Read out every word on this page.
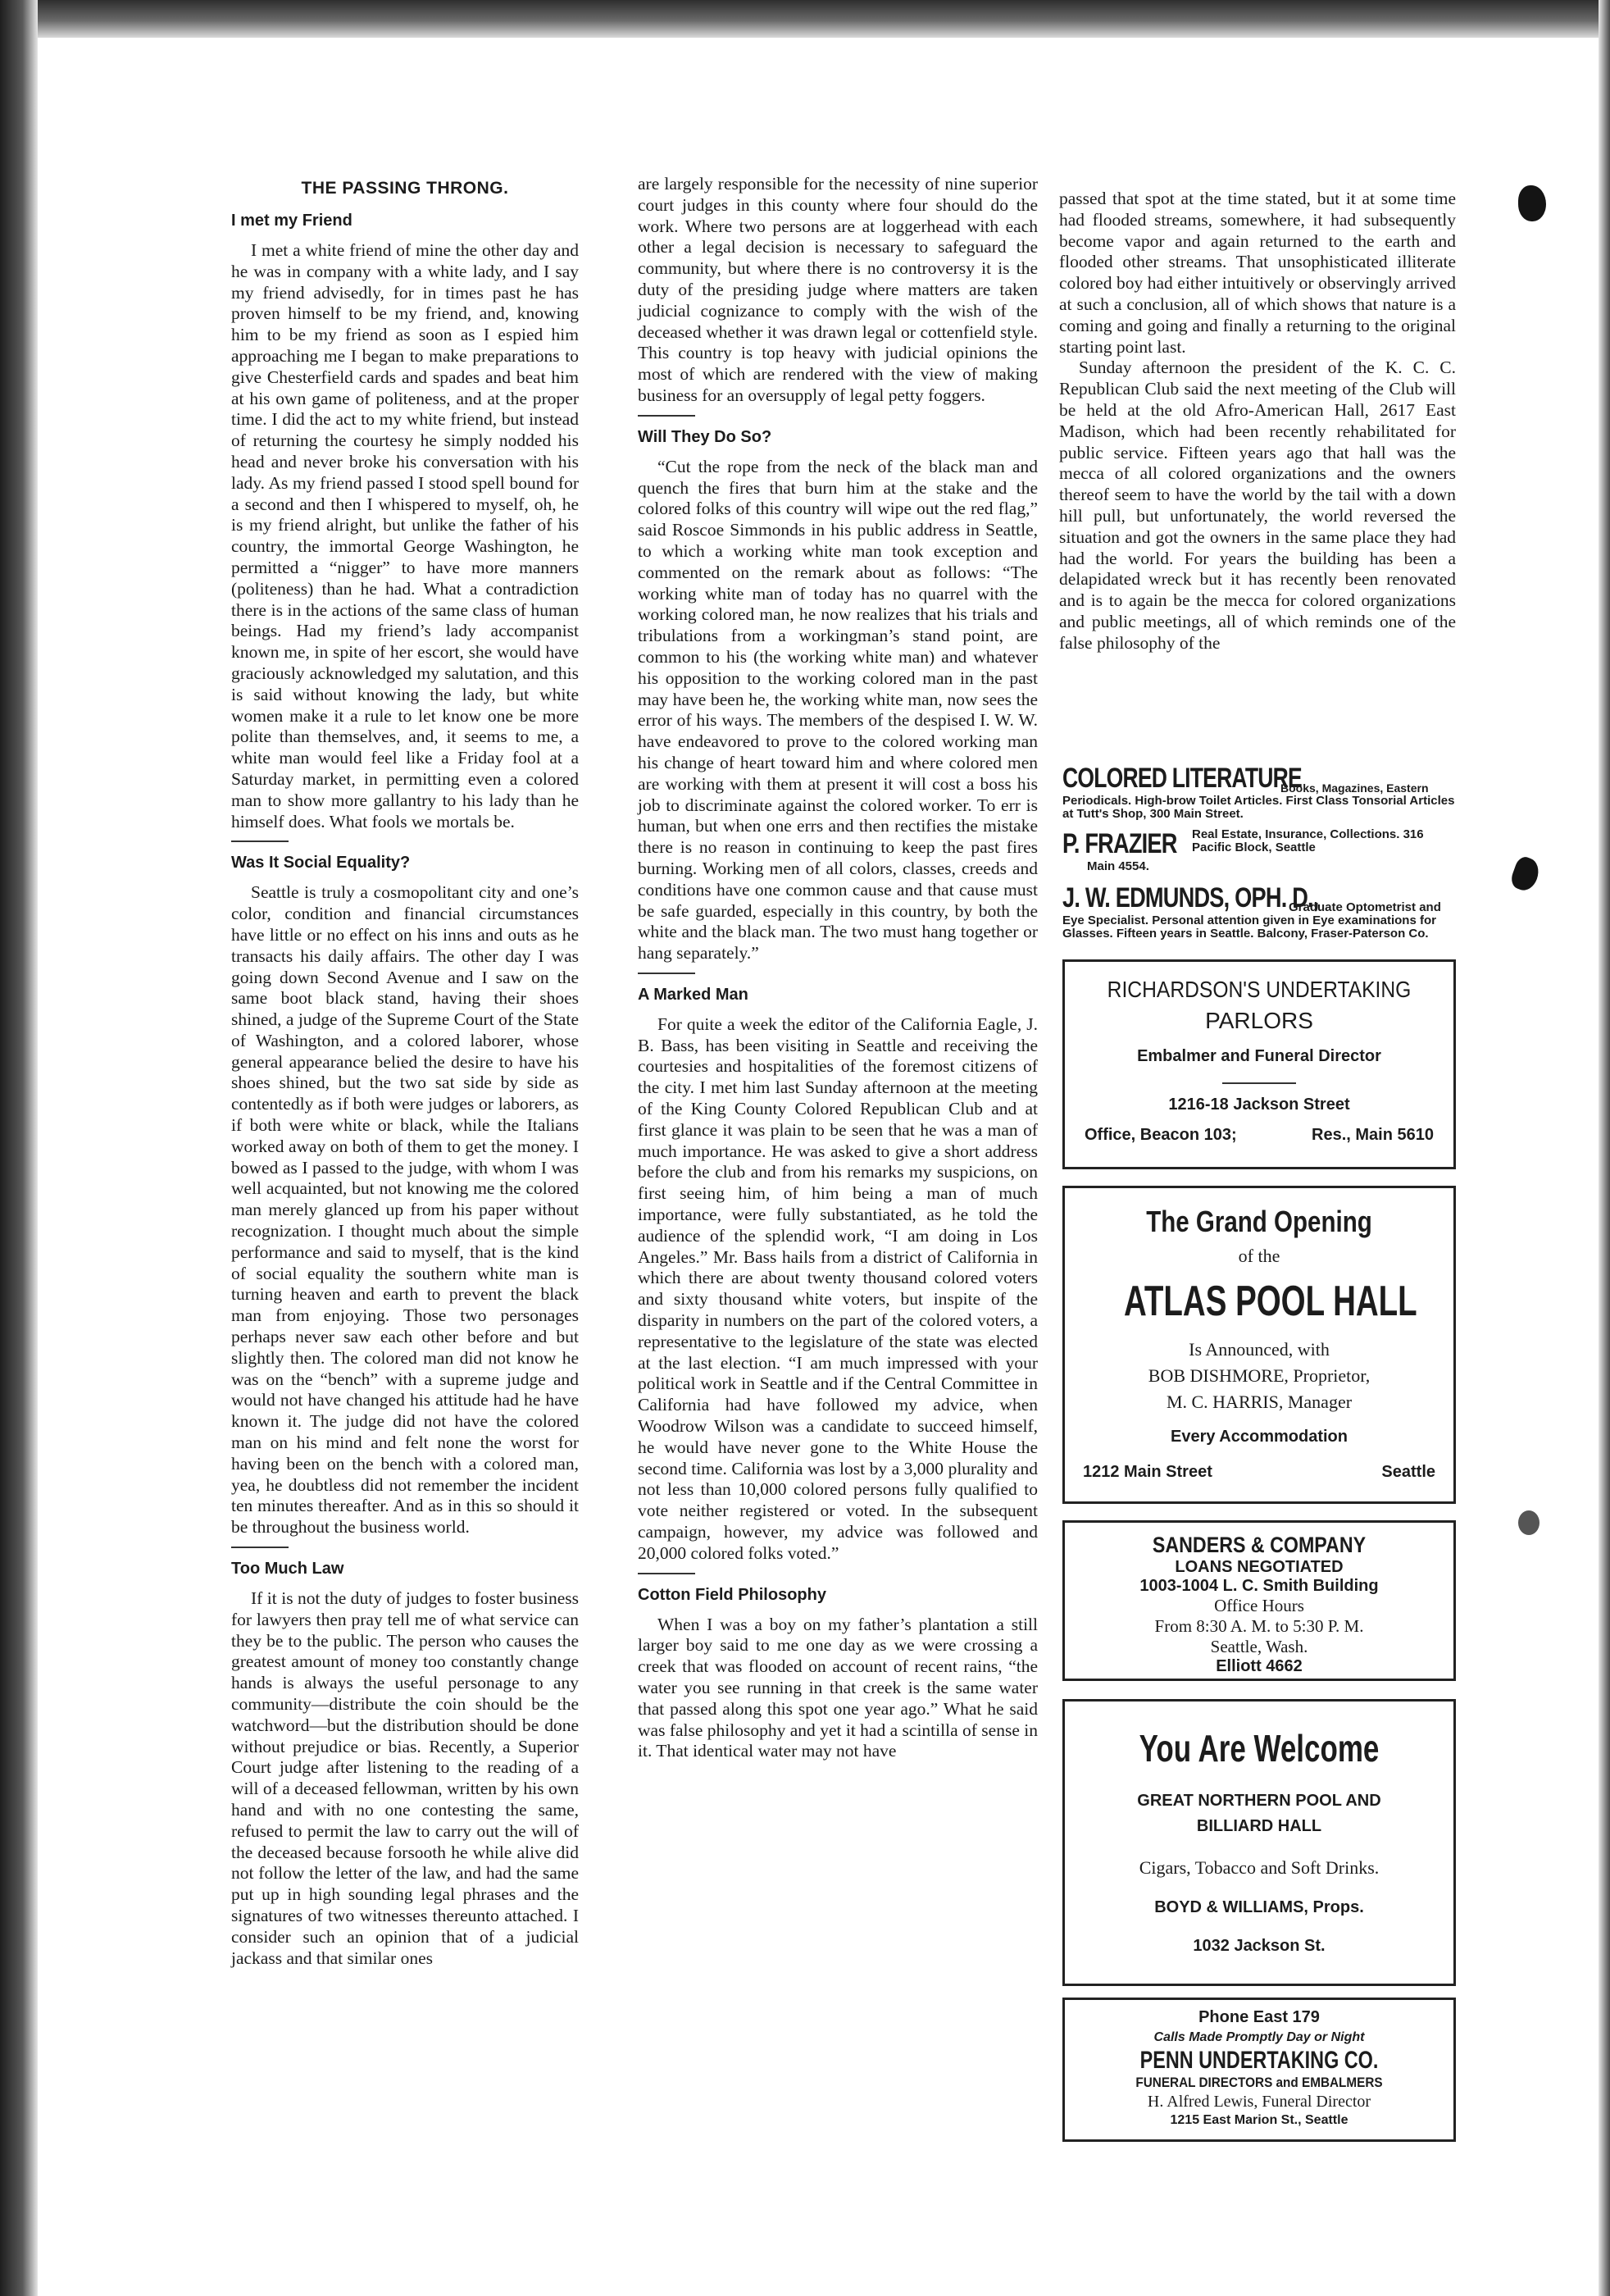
THE PASSING THRONG.
I met my Friend

I met a white friend of mine the other day and he was in company with a white lady, and I say my friend advisedly, for in times past he has proven himself to be my friend, and, knowing him to be my friend as soon as I espied him approaching me I began to make preparations to give Chesterfield cards and spades and beat him at his own game of politeness, and at the proper time. I did the act to my white friend, but instead of returning the courtesy he simply nodded his head and never broke his conversation with his lady. As my friend passed I stood spell bound for a second and then I whispered to myself, oh, he is my friend alright, but unlike the father of his country, the immortal George Washington, he permitted a “nigger” to have more manners (politeness) than he had. What a contradiction there is in the actions of the same class of human beings. Had my friend’s lady accompanist known me, in spite of her escort, she would have graciously acknowledged my salutation, and this is said without knowing the lady, but white women make it a rule to let know one be more polite than themselves, and, it seems to me, a white man would feel like a Friday fool at a Saturday market, in permitting even a colored man to show more gallantry to his lady than he himself does. What fools we mortals be.

Was It Social Equality?

Seattle is truly a cosmopolitant city and one’s color, condition and financial circumstances have little or no effect on his inns and outs as he transacts his daily affairs. The other day I was going down Second Avenue and I saw on the same boot black stand, having their shoes shined, a judge of the Supreme Court of the State of Washington, and a colored laborer, whose general appearance belied the desire to have his shoes shined, but the two sat side by side as contentedly as if both were judges or laborers, as if both were white or black, while the Italians worked away on both of them to get the money. I bowed as I passed to the judge, with whom I was well acquainted, but not knowing me the colored man merely glanced up from his paper without recognization. I thought much about the simple performance and said to myself, that is the kind of social equality the southern white man is turning heaven and earth to prevent the black man from enjoying. Those two personages perhaps never saw each other before and but slightly then. The colored man did not know he was on the “bench” with a supreme judge and would not have changed his attitude had he have known it. The judge did not have the colored man on his mind and felt none the worst for having been on the bench with a colored man, yea, he doubtless did not remember the incident ten minutes thereafter. And as in this so should it be throughout the business world.

Too Much Law

If it is not the duty of judges to foster business for lawyers then pray tell me of what service can they be to the public. The person who causes the greatest amount of money too constantly change hands is always the useful personage to any community—distribute the coin should be the watchword—but the distribution should be done without prejudice or bias. Recently, a Superior Court judge after listening to the reading of a will of a deceased fellowman, written by his own hand and with no one contesting the same, refused to permit the law to carry out the will of the deceased because forsooth he while alive did not follow the letter of the law, and had the same put up in high sounding legal phrases and the signatures of two witnesses thereunto attached. I consider such an opinion that of a judicial jackass and that similar ones

are largely responsible for the necessity of nine superior court judges in this county where four should do the work. Where two persons are at loggerhead with each other a legal decision is necessary to safeguard the community, but where there is no controversy it is the duty of the presiding judge where matters are taken judicial cognizance to comply with the wish of the deceased whether it was drawn legal or cottenfield style. This country is top heavy with judicial opinions the most of which are rendered with the view of making business for an oversupply of legal petty foggers.

Will They Do So?

“Cut the rope from the neck of the black man and quench the fires that burn him at the stake and the colored folks of this country will wipe out the red flag,” said Roscoe Simmonds in his public address in Seattle, to which a working white man took exception and commented on the remark about as follows: “The working white man of today has no quarrel with the working colored man, he now realizes that his trials and tribulations from a workingman’s stand point, are common to his (the working white man) and whatever his opposition to the working colored man in the past may have been he, the working white man, now sees the error of his ways. The members of the despised I. W. W. have endeavored to prove to the colored working man his change of heart toward him and where colored men are working with them at present it will cost a boss his job to discriminate against the colored worker. To err is human, but when one errs and then rectifies the mistake there is no reason in continuing to keep the past fires burning. Working men of all colors, classes, creeds and conditions have one common cause and that cause must be safe guarded, especially in this country, by both the white and the black man. The two must hang together or hang separately.”

A Marked Man

For quite a week the editor of the California Eagle, J. B. Bass, has been visiting in Seattle and receiving the courtesies and hospitalities of the foremost citizens of the city. I met him last Sunday afternoon at the meeting of the King County Colored Republican Club and at first glance it was plain to be seen that he was a man of much importance. He was asked to give a short address before the club and from his remarks my suspicions, on first seeing him, of him being a man of much importance, were fully substantiated, as he told the audience of the splendid work, “I am doing in Los Angeles.” Mr. Bass hails from a district of California in which there are about twenty thousand colored voters and sixty thousand white voters, but inspite of the disparity in numbers on the part of the colored voters, a representative to the legislature of the state was elected at the last election. “I am much impressed with your political work in Seattle and if the Central Committee in California had have followed my advice, when Woodrow Wilson was a candidate to succeed himself, he would have never gone to the White House the second time. California was lost by a 3,000 plurality and not less than 10,000 colored persons fully qualified to vote neither registered or voted. In the subsequent campaign, however, my advice was followed and 20,000 colored folks voted.”

Cotton Field Philosophy

When I was a boy on my father’s plantation a still larger boy said to me one day as we were crossing a creek that was flooded on account of recent rains, “the water you see running in that creek is the same water that passed along this spot one year ago.” What he said was false philosophy and yet it had a scintilla of sense in it. That identical water may not have

passed that spot at the time stated, but it at some time had flooded streams, somewhere, it had subsequently become vapor and again returned to the earth and flooded other streams. That unsophisticated illiterate colored boy had either intuitively or observingly arrived at such a conclusion, all of which shows that nature is a coming and going and finally a returning to the original starting point last.

Sunday afternoon the president of the K. C. C. Republican Club said the next meeting of the Club will be held at the old Afro-American Hall, 2617 East Madison, which had been recently rehabilitated for public service. Fifteen years ago that hall was the mecca of all colored organizations and the owners thereof seem to have the world by the tail with a down hill pull, but unfortunately, the world reversed the situation and got the owners in the same place they had had the world. For years the building has been a delapidated wreck but it has recently been renovated and is to again be the mecca for colored organizations and public meetings, all of which reminds one of the false philosophy of the

COLORED LITERATURE
Books, Magazines, Eastern
Periodicals. High-brow Toilet Articles. First Class Tonsorial Articles at Tutt's Shop, 300 Main Street.
P. FRAZIER Real Estate, Insurance, Collections. 316 Pacific Block, Seattle
Main 4554.
J. W. EDMUNDS, OPH. D.,
Graduate Optometrist and
Eye Specialist. Personal attention given in Eye examinations for Glasses. Fifteen years in Seattle. Balcony, Fraser-Paterson Co.
RICHARDSON'S UNDERTAKING
PARLORS
Embalmer and Funeral Director
1216-18 Jackson Street
Office, Beacon 103;	Res., Main 5610
The Grand Opening
of the
ATLAS POOL HALL
Is Announced, with
BOB DISHMORE, Proprietor,
M. C. HARRIS, Manager
Every Accommodation
1212 Main Street	Seattle
SANDERS & COMPANY
LOANS NEGOTIATED
1003-1004 L. C. Smith Building
Office Hours
From 8:30 A. M. to 5:30 P. M.
Seattle, Wash.
Elliott 4662
You Are Welcome
GREAT NORTHERN POOL AND
BILLIARD HALL
Cigars, Tobacco and Soft Drinks.
BOYD & WILLIAMS, Props.
1032 Jackson St.
Phone East 179
Calls Made Promptly Day or Night
PENN UNDERTAKING CO.
FUNERAL DIRECTORS and EMBALMERS
H. Alfred Lewis, Funeral Director
1215 East Marion St., Seattle
